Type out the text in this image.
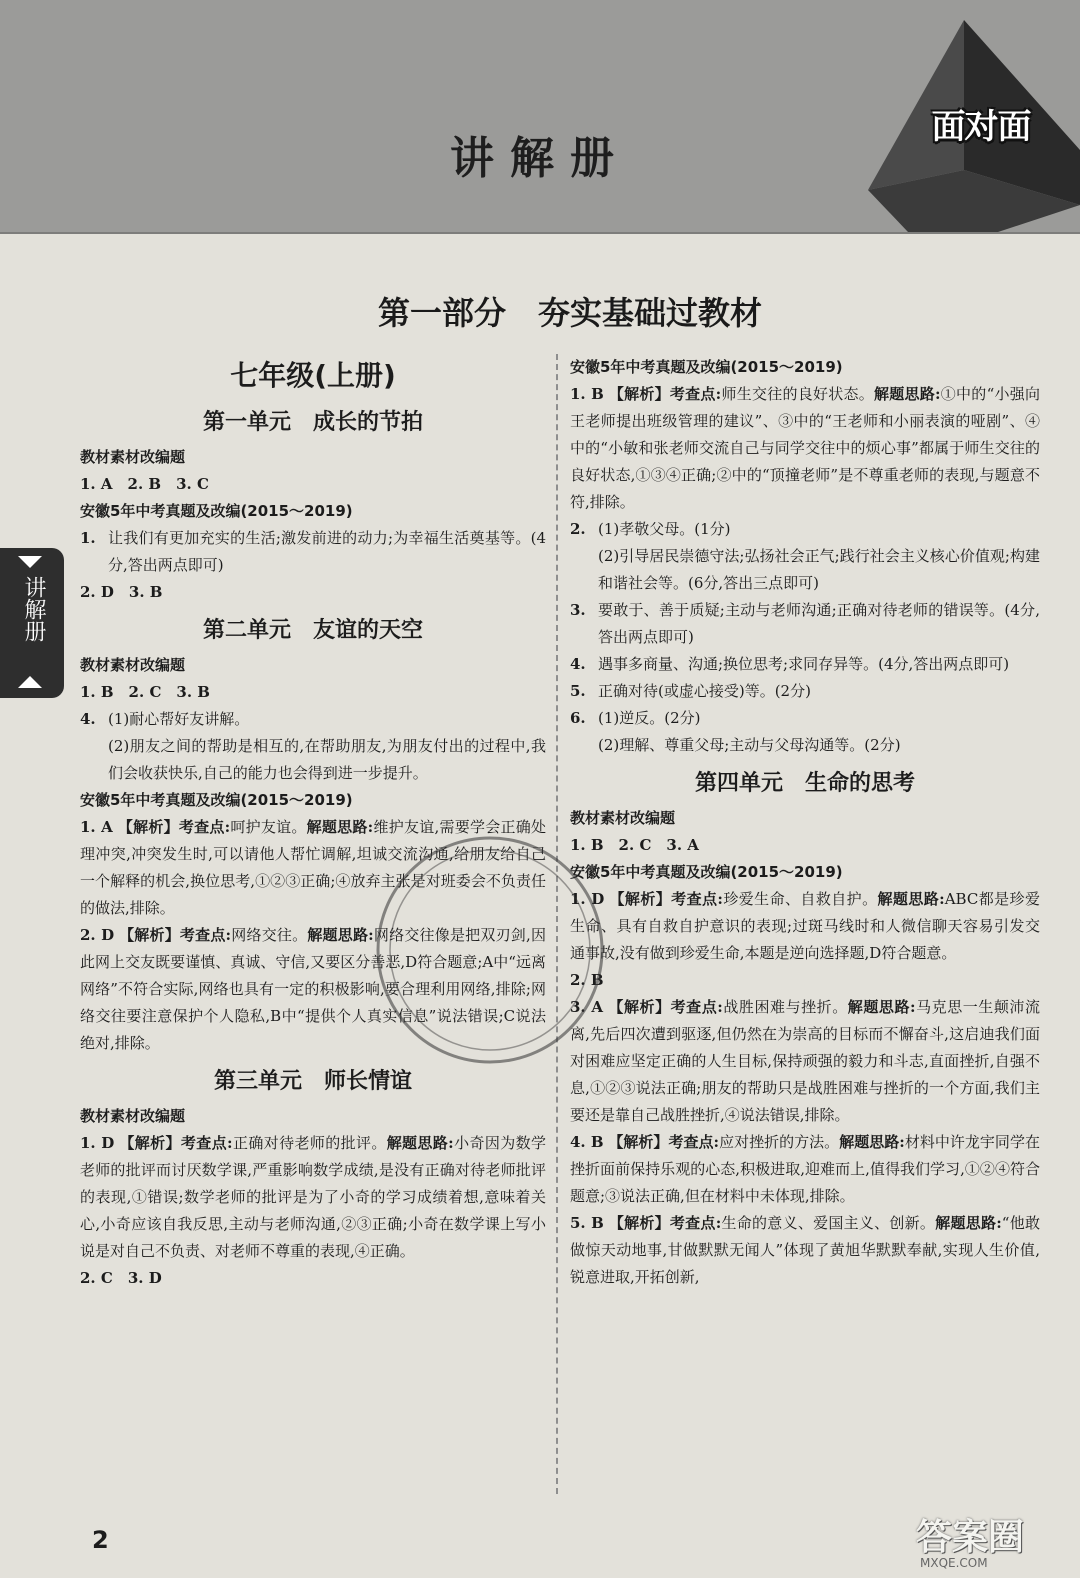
讲解册
面对面
讲解册
第一部分　夯实基础过教材
七年级(上册)
第一单元　成长的节拍
教材素材改编题
1. A　2. B　3. C
安徽5年中考真题及改编(2015～2019)
1. 让我们有更加充实的生活;激发前进的动力;为幸福生活奠基等。(4分,答出两点即可)
2. D　3. B
第二单元　友谊的天空
教材素材改编题
1. B　2. C　3. B
4. (1)耐心帮好友讲解。
(2)朋友之间的帮助是相互的,在帮助朋友,为朋友付出的过程中,我们会收获快乐,自己的能力也会得到进一步提升。
安徽5年中考真题及改编(2015～2019)
1. A 【解析】考查点:呵护友谊。解题思路:维护友谊,需要学会正确处理冲突,冲突发生时,可以请他人帮忙调解,坦诚交流沟通,给朋友给自己一个解释的机会,换位思考,①②③正确;④放弃主张是对班委会不负责任的做法,排除。
2. D 【解析】考查点:网络交往。解题思路:网络交往像是把双刃剑,因此网上交友既要谨慎、真诚、守信,又要区分善恶,D符合题意;A中“远离网络”不符合实际,网络也具有一定的积极影响,要合理利用网络,排除;网络交往要注意保护个人隐私,B中“提供个人真实信息”说法错误;C说法绝对,排除。
第三单元　师长情谊
教材素材改编题
1. D 【解析】考查点:正确对待老师的批评。解题思路:小奇因为数学老师的批评而讨厌数学课,严重影响数学成绩,是没有正确对待老师批评的表现,①错误;数学老师的批评是为了小奇的学习成绩着想,意味着关心,小奇应该自我反思,主动与老师沟通,②③正确;小奇在数学课上写小说是对自己不负责、对老师不尊重的表现,④正确。
2. C　3. D
安徽5年中考真题及改编(2015～2019)
1. B 【解析】考查点:师生交往的良好状态。解题思路:①中的“小强向王老师提出班级管理的建议”、③中的“王老师和小丽表演的哑剧”、④中的“小敏和张老师交流自己与同学交往中的烦心事”都属于师生交往的良好状态,①③④正确;②中的“顶撞老师”是不尊重老师的表现,与题意不符,排除。
2. (1)孝敬父母。(1分)
(2)引导居民崇德守法;弘扬社会正气;践行社会主义核心价值观;构建和谐社会等。(6分,答出三点即可)
3. 要敢于、善于质疑;主动与老师沟通;正确对待老师的错误等。(4分,答出两点即可)
4. 遇事多商量、沟通;换位思考;求同存异等。(4分,答出两点即可)
5. 正确对待(或虚心接受)等。(2分)
6. (1)逆反。(2分)
(2)理解、尊重父母;主动与父母沟通等。(2分)
第四单元　生命的思考
教材素材改编题
1. B　2. C　3. A
安徽5年中考真题及改编(2015～2019)
1. D 【解析】考查点:珍爱生命、自救自护。解题思路:ABC都是珍爱生命、具有自救自护意识的表现;过斑马线时和人微信聊天容易引发交通事故,没有做到珍爱生命,本题是逆向选择题,D符合题意。
2. B
3. A 【解析】考查点:战胜困难与挫折。解题思路:马克思一生颠沛流离,先后四次遭到驱逐,但仍然在为崇高的目标而不懈奋斗,这启迪我们面对困难应坚定正确的人生目标,保持顽强的毅力和斗志,直面挫折,自强不息,①②③说法正确;朋友的帮助只是战胜困难与挫折的一个方面,我们主要还是靠自己战胜挫折,④说法错误,排除。
4. B 【解析】考查点:应对挫折的方法。解题思路:材料中许龙宇同学在挫折面前保持乐观的心态,积极进取,迎难而上,值得我们学习,①②④符合题意;③说法正确,但在材料中未体现,排除。
5. B 【解析】考查点:生命的意义、爱国主义、创新。解题思路:“他敢做惊天动地事,甘做默默无闻人”体现了黄旭华默默奉献,实现人生价值,锐意进取,开拓创新,
2	答案圈
MXQE.COM
